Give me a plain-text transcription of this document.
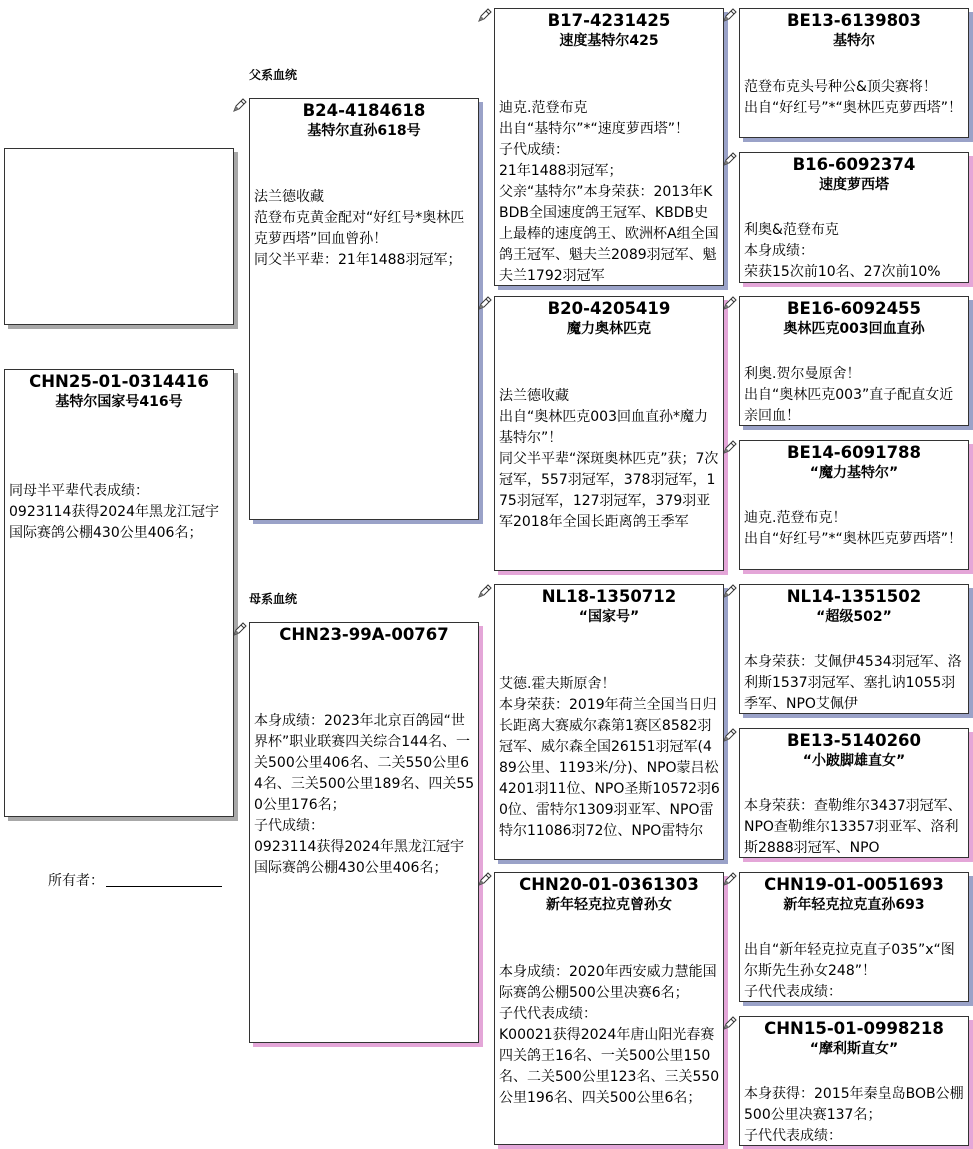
CHN25-01-0314416
基特尔国家号416号
同母半平辈代表成绩：
0923114获得2024年黑龙江冠宇国际赛鸽公棚430公里406名；
所有者：
父系血统
母系血统
B24-4184618
基特尔直孙618号
法兰德收藏
范登布克黄金配对“好红号*奥林匹克萝西塔”回血曾孙！
同父半平辈：21年1488羽冠军；
CHN23-99A-00767
本身成绩：2023年北京百鸽园“世界杯”职业联赛四关综合144名、一关500公里406名、二关550公里64名、三关500公里189名、四关550公里176名；
子代成绩：
0923114获得2024年黑龙江冠宇国际赛鸽公棚430公里406名；
B17-4231425
速度基特尔425
迪克.范登布克
出自“基特尔”*“速度萝西塔”！
子代成绩：
21年1488羽冠军；
父亲“基特尔”本身荣获：2013年KBDB全国速度鸽王冠军、KBDB史上最棒的速度鸽王、欧洲杯A组全国鸽王冠军、魁夫兰2089羽冠军、魁夫兰1792羽冠军
B20-4205419
魔力奥林匹克
法兰德收藏
出自“奥林匹克003回血直孙*魔力基特尔”！
同父半平辈“深斑奥林匹克”获；7次冠军，557羽冠军，378羽冠军，175羽冠军，127羽冠军，379羽亚军2018年全国长距离鸽王季军
NL18-1350712
“国家号”
艾德.霍夫斯原舍！
本身荣获：2019年荷兰全国当日归长距离大赛威尔森第1赛区8582羽冠军、威尔森全国26151羽冠军(489公里、1193米/分)、NPO蒙吕松4201羽11位、NPO圣斯10572羽60位、雷特尔1309羽亚军、NPO雷特尔11086羽72位、NPO雷特尔
CHN20-01-0361303
新年轻克拉克曾孙女
本身成绩：2020年西安威力慧能国际赛鸽公棚500公里决赛6名；
子代代表成绩：
K00021获得2024年唐山阳光春赛四关鸽王16名、一关500公里150名、二关500公里123名、三关550公里196名、四关500公里6名；
BE13-6139803
基特尔
范登布克头号种公&顶尖赛将！
出自“好红号”*“奥林匹克萝西塔”！
B16-6092374
速度萝西塔
利奥&范登布克
本身成绩：
荣获15次前10名、27次前10%
BE16-6092455
奥林匹克003回血直孙
利奥.贺尔曼原舍！
出自“奥林匹克003”直子配直女近亲回血！
BE14-6091788
“魔力基特尔”
迪克.范登布克！
出自“好红号”*“奥林匹克萝西塔”！
NL14-1351502
“超级502”
本身荣获：艾佩伊4534羽冠军、洛利斯1537羽冠军、塞扎讷1055羽季军、NPO艾佩伊
BE13-5140260
“小跛脚雄直女”
本身荣获：查勒维尔3437羽冠军、NPO查勒维尔13357羽亚军、洛利斯2888羽冠军、NPO
CHN19-01-0051693
新年轻克拉克直孙693
出自“新年轻克拉克直子035”x“图尔斯先生孙女248”！
子代代表成绩：
CHN15-01-0998218
“摩利斯直女”
本身获得：2015年秦皇岛BOB公棚500公里决赛137名；
子代代表成绩：
